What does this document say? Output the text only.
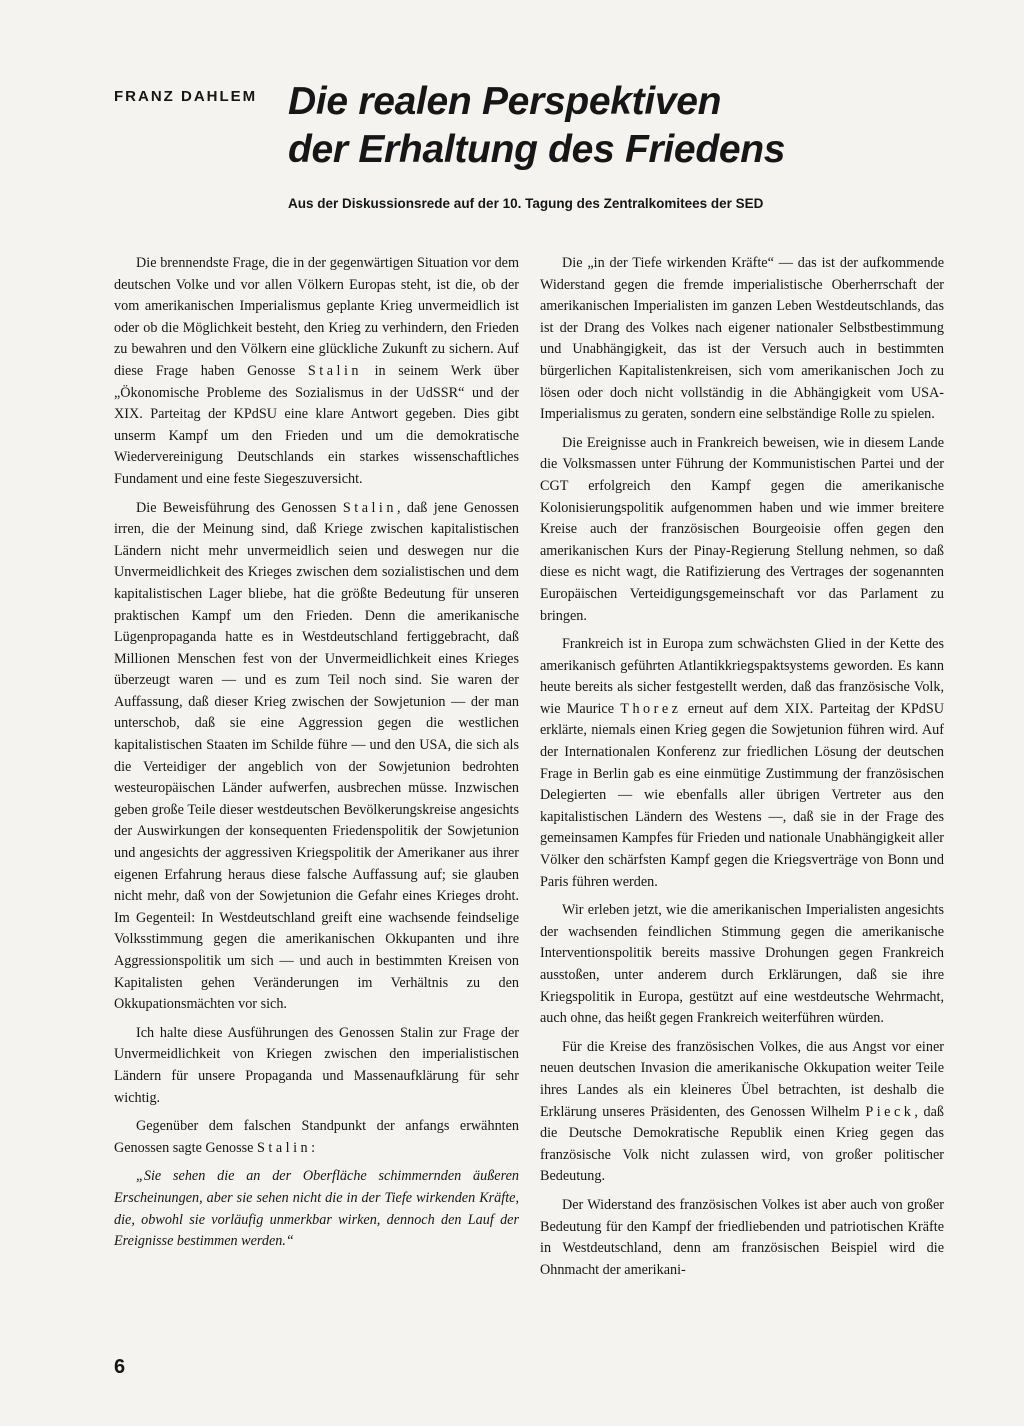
FRANZ DAHLEM Die realen Perspektiven
der Erhaltung des Friedens
Aus der Diskussionsrede auf der 10. Tagung des Zentralkomitees der SED

Die brennendste Frage, die in der gegenwärtigen Situation vor dem deutschen Volke und vor allen Völkern Europas steht, ist die, ob der vom amerikanischen Imperialismus geplante Krieg unvermeidlich ist oder ob die Möglichkeit besteht, den Krieg zu verhindern, den Frieden zu bewahren und den Völkern eine glückliche Zukunft zu sichern. Auf diese Frage haben Genosse Stalin in seinem Werk über „Ökonomische Probleme des Sozialismus in der UdSSR“ und der XIX. Parteitag der KPdSU eine klare Antwort gegeben. Dies gibt unserm Kampf um den Frieden und um die demokratische Wiedervereinigung Deutschlands ein starkes wissenschaftliches Fundament und eine feste Siegeszuversicht.

Die Beweisführung des Genossen Stalin, daß jene Genossen irren, die der Meinung sind, daß Kriege zwischen kapitalistischen Ländern nicht mehr unvermeidlich seien und deswegen nur die Unvermeidlichkeit des Krieges zwischen dem sozialistischen und dem kapitalistischen Lager bliebe, hat die größte Bedeutung für unseren praktischen Kampf um den Frieden. Denn die amerikanische Lügenpropaganda hatte es in Westdeutschland fertiggebracht, daß Millionen Menschen fest von der Unvermeidlichkeit eines Krieges überzeugt waren — und es zum Teil noch sind. Sie waren der Auffassung, daß dieser Krieg zwischen der Sowjetunion — der man unterschob, daß sie eine Aggression gegen die westlichen kapitalistischen Staaten im Schilde führe — und den USA, die sich als die Verteidiger der angeblich von der Sowjetunion bedrohten westeuropäischen Länder aufwerfen, ausbrechen müsse. Inzwischen geben große Teile dieser westdeutschen Bevölkerungskreise angesichts der Auswirkungen der konsequenten Friedenspolitik der Sowjetunion und angesichts der aggressiven Kriegspolitik der Amerikaner aus ihrer eigenen Erfahrung heraus diese falsche Auffassung auf; sie glauben nicht mehr, daß von der Sowjetunion die Gefahr eines Krieges droht. Im Gegenteil: In Westdeutschland greift eine wachsende feindselige Volksstimmung gegen die amerikanischen Okkupanten und ihre Aggressionspolitik um sich — und auch in bestimmten Kreisen von Kapitalisten gehen Veränderungen im Verhältnis zu den Okkupationsmächten vor sich.

Ich halte diese Ausführungen des Genossen Stalin zur Frage der Unvermeidlichkeit von Kriegen zwischen den imperialistischen Ländern für unsere Propaganda und Massenaufklärung für sehr wichtig.

Gegenüber dem falschen Standpunkt der anfangs erwähnten Genossen sagte Genosse Stalin:

„Sie sehen die an der Oberfläche schimmernden äußeren Erscheinungen, aber sie sehen nicht die in der Tiefe wirkenden Kräfte, die, obwohl sie vorläufig unmerkbar wirken, dennoch den Lauf der Ereignisse bestimmen werden.“

Die „in der Tiefe wirkenden Kräfte“ — das ist der aufkommende Widerstand gegen die fremde imperialistische Oberherrschaft der amerikanischen Imperialisten im ganzen Leben Westdeutschlands, das ist der Drang des Volkes nach eigener nationaler Selbstbestimmung und Unabhängigkeit, das ist der Versuch auch in bestimmten bürgerlichen Kapitalistenkreisen, sich vom amerikanischen Joch zu lösen oder doch nicht vollständig in die Abhängigkeit vom USA-Imperialismus zu geraten, sondern eine selbständige Rolle zu spielen.

Die Ereignisse auch in Frankreich beweisen, wie in diesem Lande die Volksmassen unter Führung der Kommunistischen Partei und der CGT erfolgreich den Kampf gegen die amerikanische Kolonisierungspolitik aufgenommen haben und wie immer breitere Kreise auch der französischen Bourgeoisie offen gegen den amerikanischen Kurs der Pinay-Regierung Stellung nehmen, so daß diese es nicht wagt, die Ratifizierung des Vertrages der sogenannten Europäischen Verteidigungsgemeinschaft vor das Parlament zu bringen.

Frankreich ist in Europa zum schwächsten Glied in der Kette des amerikanisch geführten Atlantikkriegspaktsystems geworden. Es kann heute bereits als sicher festgestellt werden, daß das französische Volk, wie Maurice Thorez erneut auf dem XIX. Parteitag der KPdSU erklärte, niemals einen Krieg gegen die Sowjetunion führen wird. Auf der Internationalen Konferenz zur friedlichen Lösung der deutschen Frage in Berlin gab es eine einmütige Zustimmung der französischen Delegierten — wie ebenfalls aller übrigen Vertreter aus den kapitalistischen Ländern des Westens —, daß sie in der Frage des gemeinsamen Kampfes für Frieden und nationale Unabhängigkeit aller Völker den schärfsten Kampf gegen die Kriegsverträge von Bonn und Paris führen werden.

Wir erleben jetzt, wie die amerikanischen Imperialisten angesichts der wachsenden feindlichen Stimmung gegen die amerikanische Interventionspolitik bereits massive Drohungen gegen Frankreich ausstoßen, unter anderem durch Erklärungen, daß sie ihre Kriegspolitik in Europa, gestützt auf eine westdeutsche Wehrmacht, auch ohne, das heißt gegen Frankreich weiterführen würden.

Für die Kreise des französischen Volkes, die aus Angst vor einer neuen deutschen Invasion die amerikanische Okkupation weiter Teile ihres Landes als ein kleineres Übel betrachten, ist deshalb die Erklärung unseres Präsidenten, des Genossen Wilhelm Pieck, daß die Deutsche Demokratische Republik einen Krieg gegen das französische Volk nicht zulassen wird, von großer politischer Bedeutung.

Der Widerstand des französischen Volkes ist aber auch von großer Bedeutung für den Kampf der friedliebenden und patriotischen Kräfte in Westdeutschland, denn am französischen Beispiel wird die Ohnmacht der amerikani-

6
